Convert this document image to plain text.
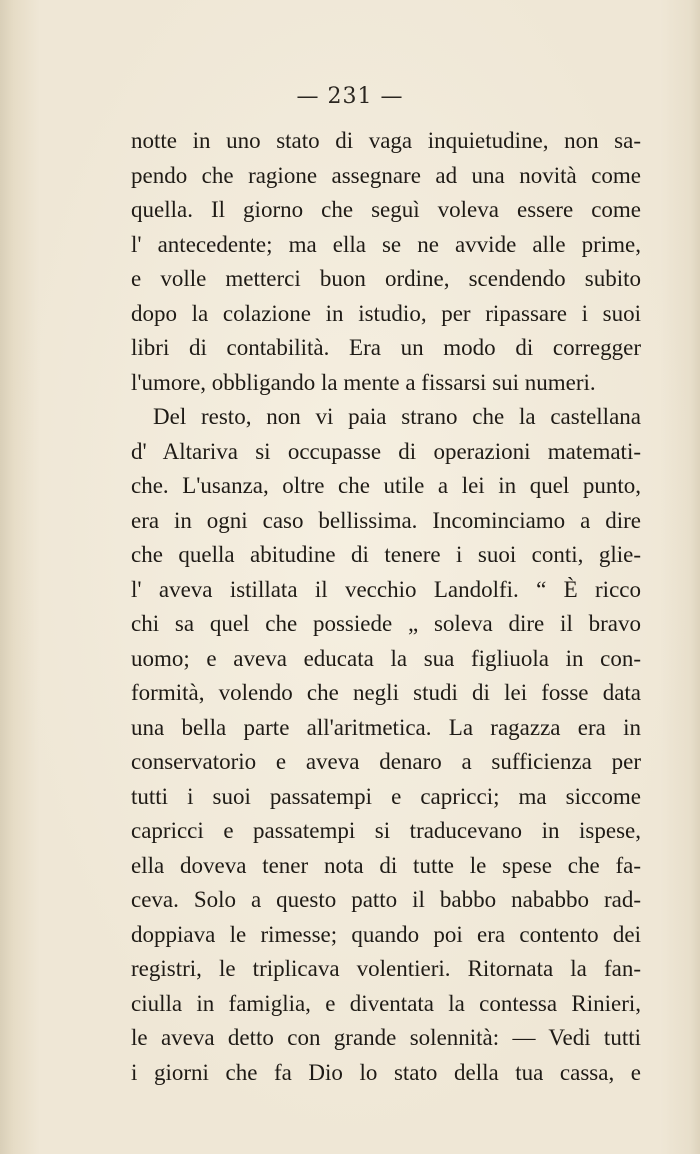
— 231 —
notte in uno stato di vaga inquietudine, non sa-
pendo che ragione assegnare ad una novità come
quella. Il giorno che seguì voleva essere come
l' antecedente; ma ella se ne avvide alle prime,
e volle metterci buon ordine, scendendo subito
dopo la colazione in istudio, per ripassare i suoi
libri di contabilità. Era un modo di corregger
l'umore, obbligando la mente a fissarsi sui numeri.
Del resto, non vi paia strano che la castellana
d' Altariva si occupasse di operazioni matemati-
che. L'usanza, oltre che utile a lei in quel punto,
era in ogni caso bellissima. Incominciamo a dire
che quella abitudine di tenere i suoi conti, glie-
l' aveva istillata il vecchio Landolfi. “ È ricco
chi sa quel che possiede „ soleva dire il bravo
uomo; e aveva educata la sua figliuola in con-
formità, volendo che negli studi di lei fosse data
una bella parte all'aritmetica. La ragazza era in
conservatorio e aveva denaro a sufficienza per
tutti i suoi passatempi e capricci; ma siccome
capricci e passatempi si traducevano in ispese,
ella doveva tener nota di tutte le spese che fa-
ceva. Solo a questo patto il babbo nababbo rad-
doppiava le rimesse; quando poi era contento dei
registri, le triplicava volentieri. Ritornata la fan-
ciulla in famiglia, e diventata la contessa Rinieri,
le aveva detto con grande solennità: — Vedi tutti
i giorni che fa Dio lo stato della tua cassa, e
